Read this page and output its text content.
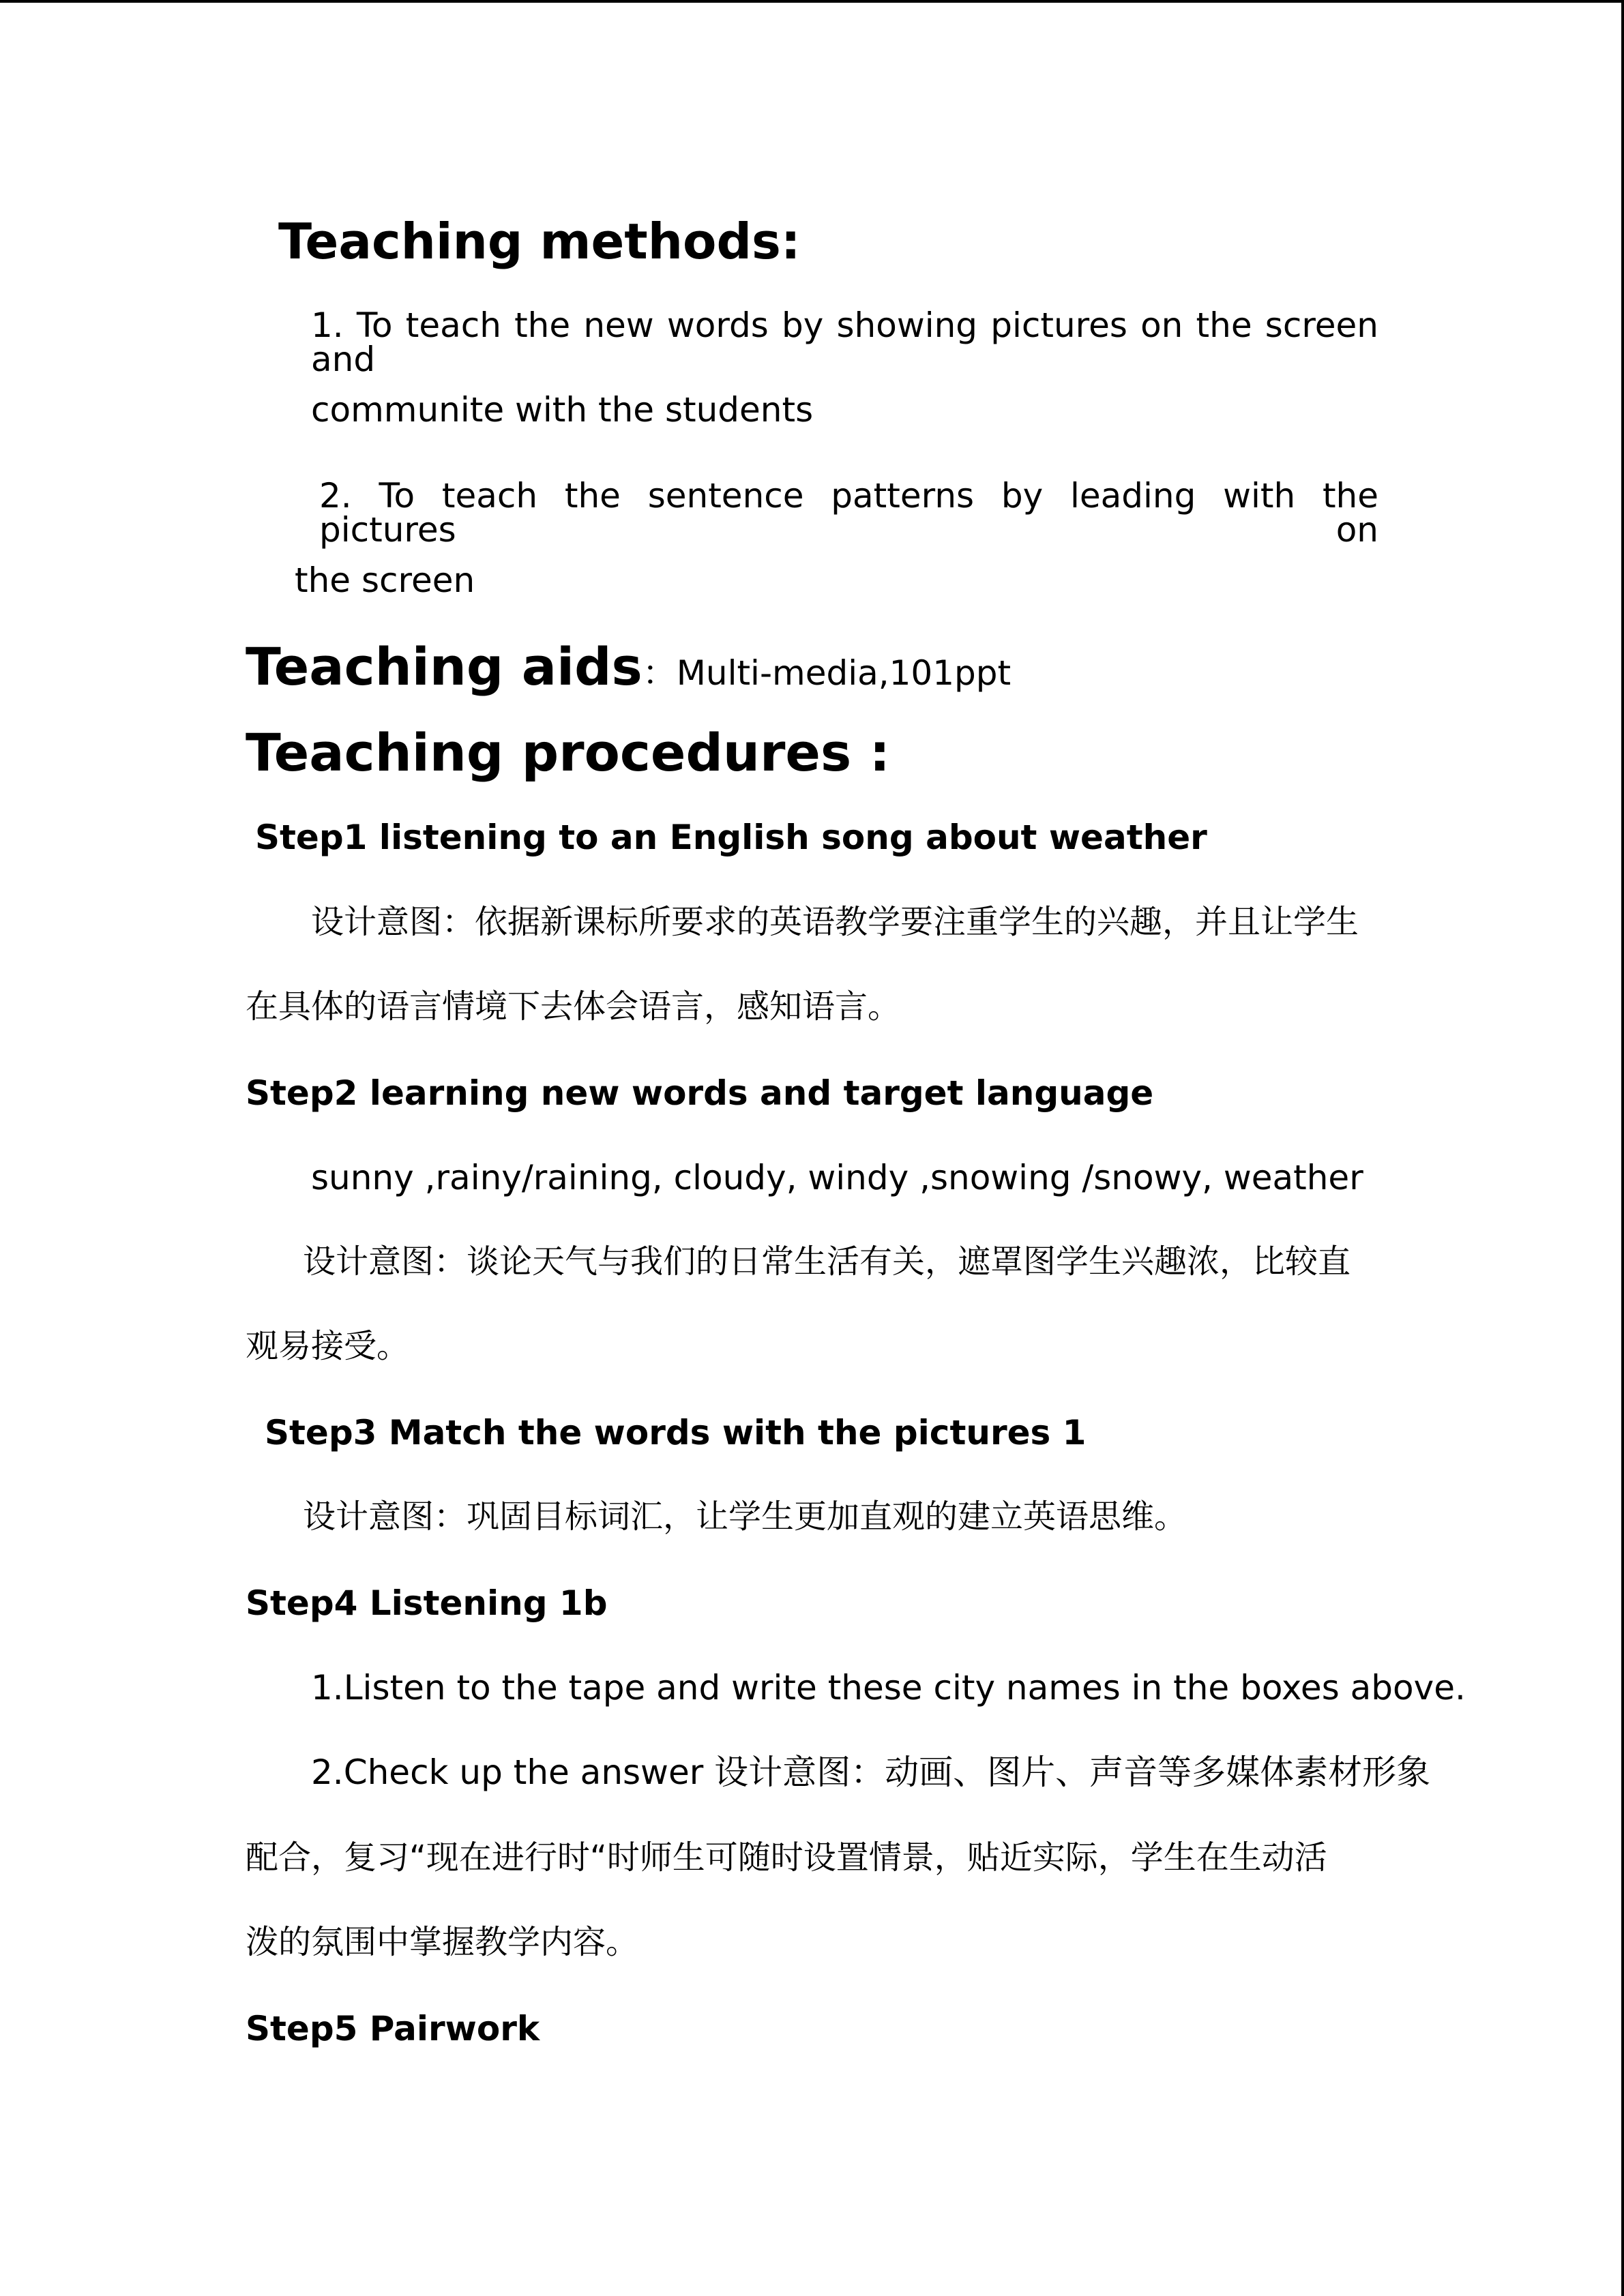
Teaching methods:
1. To teach the new words by showing pictures on the screen and
communite with the students
2. To teach the sentence patterns by leading with the pictures on
the screen
Teaching aids：Multi-media,101ppt
Teaching procedures :
Step1 listening to an English song about weather
设计意图：依据新课标所要求的英语教学要注重学生的兴趣，并且让学生
在具体的语言情境下去体会语言，感知语言。
Step2 learning new words and target language
sunny ,rainy/raining, cloudy, windy ,snowing /snowy, weather
设计意图：谈论天气与我们的日常生活有关，遮罩图学生兴趣浓，比较直
观易接受。
Step3 Match the words with the pictures 1
设计意图：巩固目标词汇，让学生更加直观的建立英语思维。
Step4 Listening 1b
1.Listen to the tape and write these city names in the boxes above.
2.Check up the answer 设计意图：动画、图片、声音等多媒体素材形象
配合，复习“现在进行时“时师生可随时设置情景，贴近实际，学生在生动活
泼的氛围中掌握教学内容。
Step5 Pairwork
